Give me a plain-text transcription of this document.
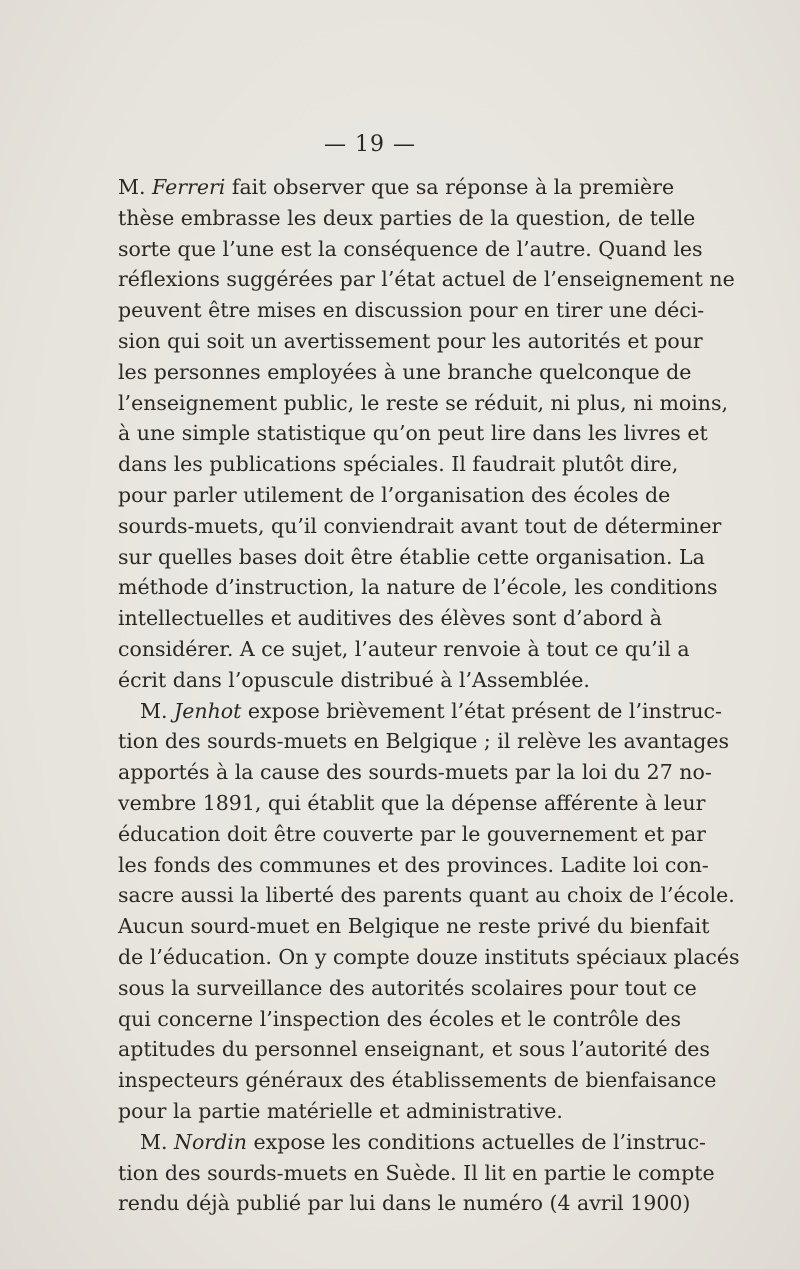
— 19 —
M. Ferreri fait observer que sa réponse à la première
thèse embrasse les deux parties de la question, de telle
sorte que l’une est la conséquence de l’autre. Quand les
réflexions suggérées par l’état actuel de l’enseignement ne
peuvent être mises en discussion pour en tirer une déci-
sion qui soit un avertissement pour les autorités et pour
les personnes employées à une branche quelconque de
l’enseignement public, le reste se réduit, ni plus, ni moins,
à une simple statistique qu’on peut lire dans les livres et
dans les publications spéciales. Il faudrait plutôt dire,
pour parler utilement de l’organisation des écoles de
sourds-muets, qu’il conviendrait avant tout de déterminer
sur quelles bases doit être établie cette organisation. La
méthode d’instruction, la nature de l’école, les conditions
intellectuelles et auditives des élèves sont d’abord à
considérer. A ce sujet, l’auteur renvoie à tout ce qu’il a
écrit dans l’opuscule distribué à l’Assemblée.
M. Jenhot expose brièvement l’état présent de l’instruc-
tion des sourds-muets en Belgique ; il relève les avantages
apportés à la cause des sourds-muets par la loi du 27 no-
vembre 1891, qui établit que la dépense afférente à leur
éducation doit être couverte par le gouvernement et par
les fonds des communes et des provinces. Ladite loi con-
sacre aussi la liberté des parents quant au choix de l’école.
Aucun sourd-muet en Belgique ne reste privé du bienfait
de l’éducation. On y compte douze instituts spéciaux placés
sous la surveillance des autorités scolaires pour tout ce
qui concerne l’inspection des écoles et le contrôle des
aptitudes du personnel enseignant, et sous l’autorité des
inspecteurs généraux des établissements de bienfaisance
pour la partie matérielle et administrative.
M. Nordin expose les conditions actuelles de l’instruc-
tion des sourds-muets en Suède. Il lit en partie le compte
rendu déjà publié par lui dans le numéro (4 avril 1900)
